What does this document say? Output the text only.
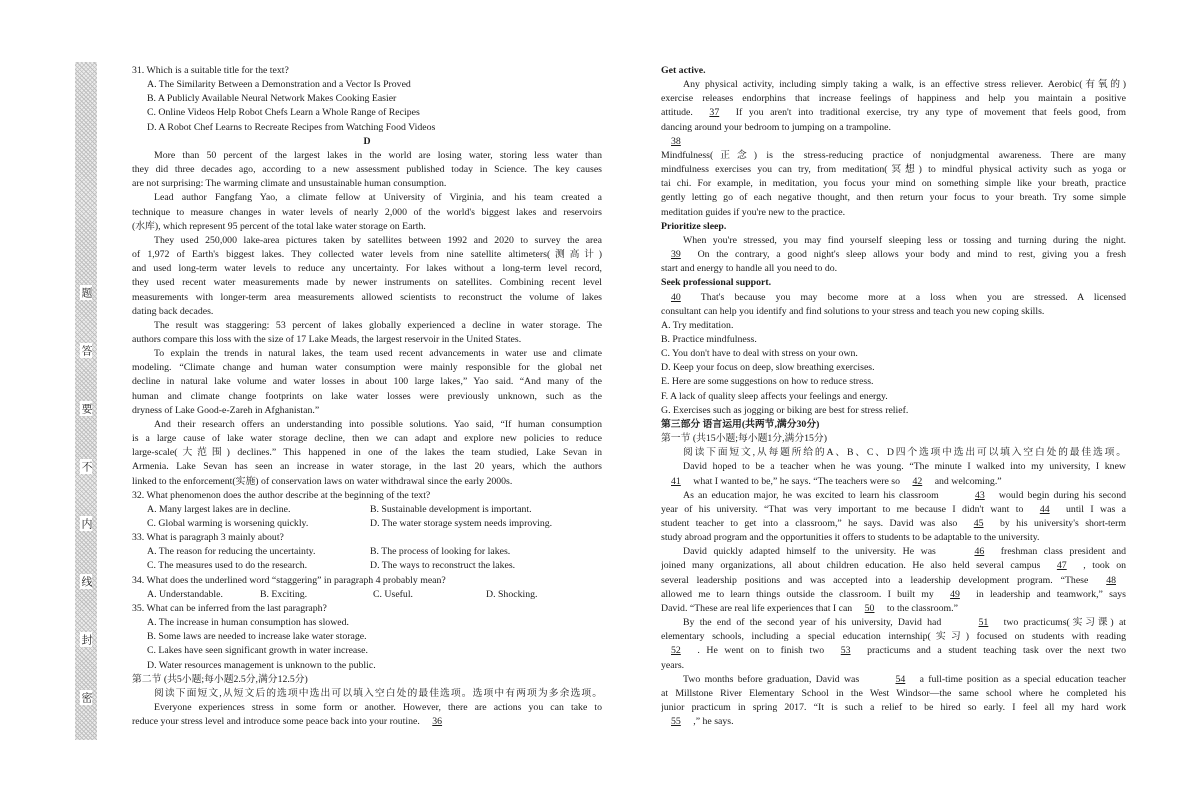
题
答
要
不
内
线
封
密
31. Which is a suitable title for the text?
A. The Similarity Between a Demonstration and a Vector Is Proved
B. A Publicly Available Neural Network Makes Cooking Easier
C. Online Videos Help Robot Chefs Learn a Whole Range of Recipes
D. A Robot Chef Learns to Recreate Recipes from Watching Food Videos
D
More than 50 percent of the largest lakes in the world are losing water, storing less water than
they did three decades ago, according to a new assessment published today in Science. The key causes
are not surprising: The warming climate and unsustainable human consumption.
Lead author Fangfang Yao, a climate fellow at University of Virginia, and his team created a
technique to measure changes in water levels of nearly 2,000 of the world's biggest lakes and reservoirs
(水库), which represent 95 percent of the total lake water storage on Earth.
They used 250,000 lake-area pictures taken by satellites between 1992 and 2020 to survey the area
of 1,972 of Earth's biggest lakes. They collected water levels from nine satellite altimeters(测高计)
and used long-term water levels to reduce any uncertainty. For lakes without a long-term level record,
they used recent water measurements made by newer instruments on satellites. Combining recent level
measurements with longer-term area measurements allowed scientists to reconstruct the volume of lakes
dating back decades.
The result was staggering: 53 percent of lakes globally experienced a decline in water storage. The
authors compare this loss with the size of 17 Lake Meads, the largest reservoir in the United States.
To explain the trends in natural lakes, the team used recent advancements in water use and climate
modeling. “Climate change and human water consumption were mainly responsible for the global net
decline in natural lake volume and water losses in about 100 large lakes,” Yao said. “And many of the
human and climate change footprints on lake water losses were previously unknown, such as the
dryness of Lake Good-e-Zareh in Afghanistan.”
And their research offers an understanding into possible solutions. Yao said, “If human consumption
is a large cause of lake water storage decline, then we can adapt and explore new policies to reduce
large-scale(大范围) declines.” This happened in one of the lakes the team studied, Lake Sevan in
Armenia. Lake Sevan has seen an increase in water storage, in the last 20 years, which the authors
linked to the enforcement(实施) of conservation laws on water withdrawal since the early 2000s.
32. What phenomenon does the author describe at the beginning of the text?
A. Many largest lakes are in decline.	B. Sustainable development is important.
C. Global warming is worsening quickly.	D. The water storage system needs improving.
33. What is paragraph 3 mainly about?
A. The reason for reducing the uncertainty.	B. The process of looking for lakes.
C. The measures used to do the research.	D. The ways to reconstruct the lakes.
34. What does the underlined word “staggering” in paragraph 4 probably mean?
A. Understandable.	B. Exciting.	C. Useful.	D. Shocking.
35. What can be inferred from the last paragraph?
A. The increase in human consumption has slowed.
B. Some laws are needed to increase lake water storage.
C. Lakes have seen significant growth in water increase.
D. Water resources management is unknown to the public.
第二节 (共5小题;每小题2.5分,满分12.5分)
阅读下面短文,从短文后的选项中选出可以填入空白处的最佳选项。选项中有两项为多余选项。
Everyone experiences stress in some form or another. However, there are actions you can take to
reduce your stress level and introduce some peace back into your routine. 36
Get active.
Any physical activity, including simply taking a walk, is an effective stress reliever. Aerobic(有氧的)
exercise releases endorphins that increase feelings of happiness and help you maintain a positive
attitude. 37 If you aren't into traditional exercise, try any type of movement that feels good, from
dancing around your bedroom to jumping on a trampoline.
38
Mindfulness(正念) is the stress-reducing practice of nonjudgmental awareness. There are many
mindfulness exercises you can try, from meditation(冥想) to mindful physical activity such as yoga or
tai chi. For example, in meditation, you focus your mind on something simple like your breath, practice
gently letting go of each negative thought, and then return your focus to your breath. Try some simple
meditation guides if you're new to the practice.
Prioritize sleep.
When you're stressed, you may find yourself sleeping less or tossing and turning during the night.
39 On the contrary, a good night's sleep allows your body and mind to rest, giving you a fresh
start and energy to handle all you need to do.
Seek professional support.
40 That's because you may become more at a loss when you are stressed. A licensed
consultant can help you identify and find solutions to your stress and teach you new coping skills.
A. Try meditation.
B. Practice mindfulness.
C. You don't have to deal with stress on your own.
D. Keep your focus on deep, slow breathing exercises.
E. Here are some suggestions on how to reduce stress.
F. A lack of quality sleep affects your feelings and energy.
G. Exercises such as jogging or biking are best for stress relief.
第三部分 语言运用(共两节,满分30分)
第一节 (共15小题;每小题1分,满分15分)
阅读下面短文,从每题所给的A、B、C、D四个选项中选出可以填入空白处的最佳选项。
David hoped to be a teacher when he was young. “The minute I walked into my university, I knew
41 what I wanted to be,” he says. “The teachers were so 42 and welcoming.”
As an education major, he was excited to learn his classroom	43 would begin during his second
year of his university. “That was very important to me because I didn't want to 44 until I was a
student teacher to get into a classroom,” he says. David was also 45 by his university's short-term
study abroad program and the opportunities it offers to students to be adaptable to the university.
David quickly adapted himself to the university. He was	46 freshman class president and
joined many organizations, all about children education. He also held several campus 47 , took on
several leadership positions and was accepted into a leadership development program. “These 48
allowed me to learn things outside the classroom. I built my 49 in leadership and teamwork,” says
David. “These are real life experiences that I can 50 to the classroom.”
By the end of the second year of his university, David had	51 two practicums(实习课) at
elementary schools, including a special education internship(实习) focused on students with reading
52 . He went on to finish two 53 practicums and a student teaching task over the next two
years.
Two months before graduation, David was	54 a full-time position as a special education teacher
at Millstone River Elementary School in the West Windsor—the same school where he completed his
junior practicum in spring 2017. “It is such a relief to be hired so early. I feel all my hard work
55 ,” he says.
